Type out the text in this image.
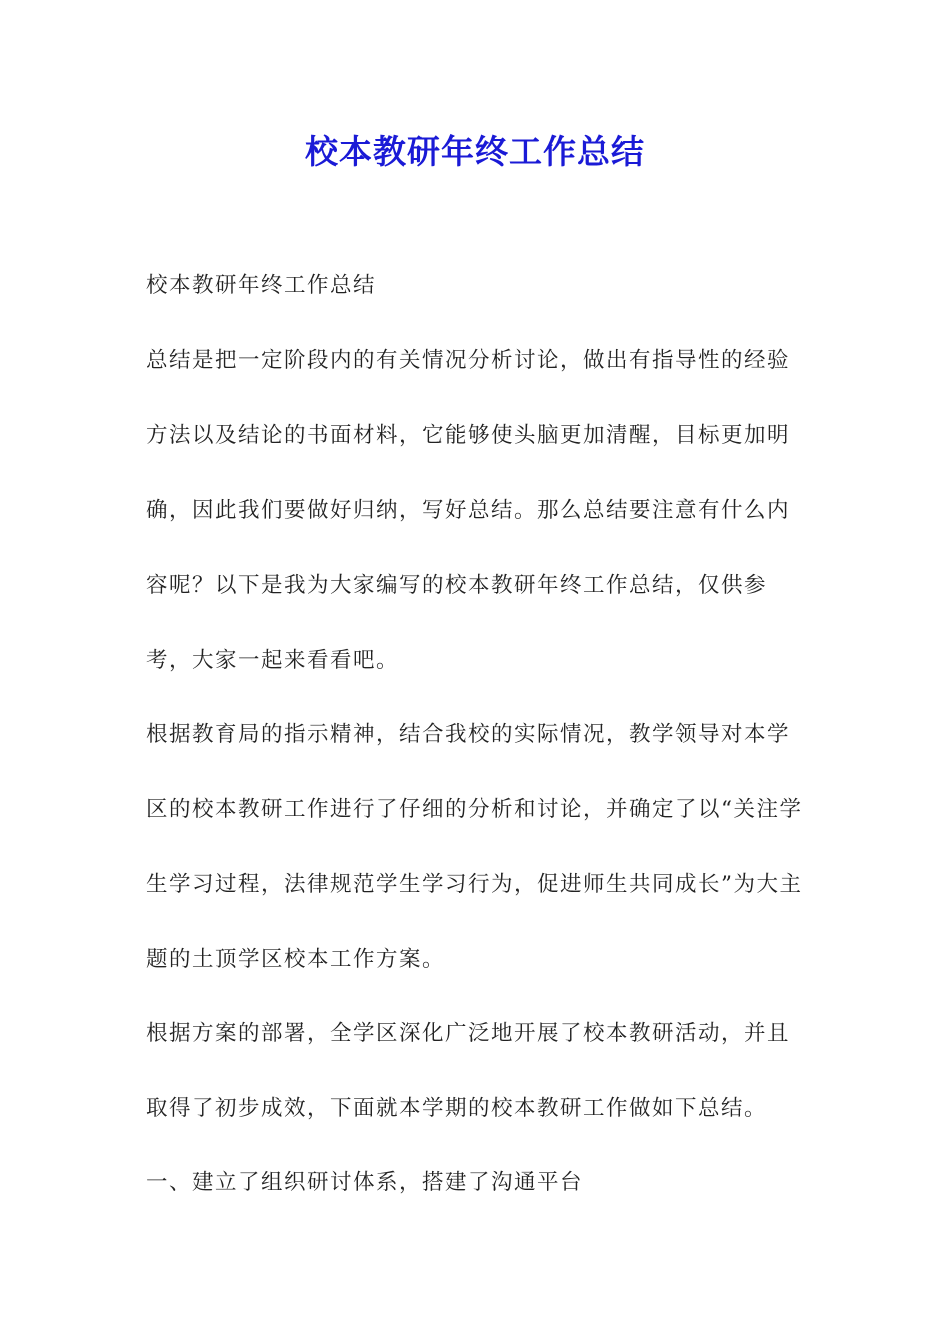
校本教研年终工作总结

校本教研年终工作总结

总结是把一定阶段内的有关情况分析讨论，做出有指导性的经验方法以及结论的书面材料，它能够使头脑更加清醒，目标更加明确，因此我们要做好归纳，写好总结。那么总结要注意有什么内容呢？以下是我为大家编写的校本教研年终工作总结，仅供参考，大家一起来看看吧。

根据教育局的指示精神，结合我校的实际情况，教学领导对本学区的校本教研工作进行了仔细的分析和讨论，并确定了以“关注学生学习过程，法律规范学生学习行为，促进师生共同成长”为大主题的土顶学区校本工作方案。

根据方案的部署，全学区深化广泛地开展了校本教研活动，并且取得了初步成效，下面就本学期的校本教研工作做如下总结。

一、建立了组织研讨体系，搭建了沟通平台
